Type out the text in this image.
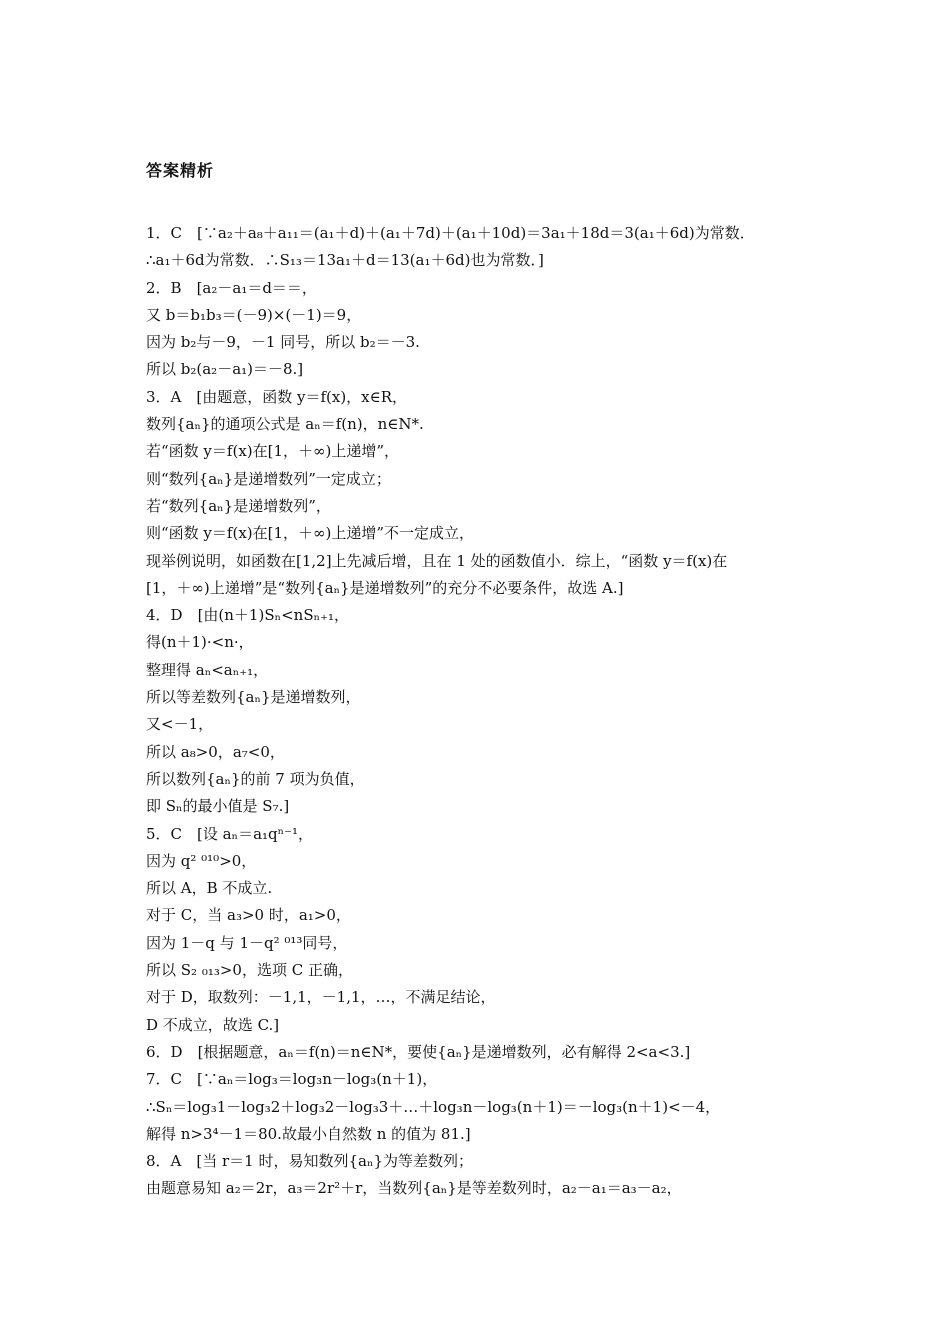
答案精析
1．C　[∵a₂＋a₈＋a₁₁＝(a₁＋d)＋(a₁＋7d)＋(a₁＋10d)＝3a₁＋18d＝3(a₁＋6d)为常数．
∴a₁＋6d为常数．∴S₁₃＝13a₁＋d＝13(a₁＋6d)也为常数．]
2．B　[a₂－a₁＝d＝＝，
又 b＝b₁b₃＝(－9)×(－1)＝9，
因为 b₂与－9，－1 同号，所以 b₂＝－3.
所以 b₂(a₂－a₁)＝－8.]
3．A　[由题意，函数 y＝f(x)，x∈R，
数列{aₙ}的通项公式是 aₙ＝f(n)，n∈N*.
若“函数 y＝f(x)在[1，＋∞)上递增”，
则“数列{aₙ}是递增数列”一定成立；
若“数列{aₙ}是递增数列”，
则“函数 y＝f(x)在[1，＋∞)上递增”不一定成立，
现举例说明，如函数在[1,2]上先减后增，且在 1 处的函数值小．综上，“函数 y＝f(x)在
[1，＋∞)上递增”是“数列{aₙ}是递增数列”的充分不必要条件，故选 A.]
4．D　[由(n＋1)Sₙ<nSₙ₊₁，
得(n＋1)·<n·，
整理得 aₙ<aₙ₊₁，
所以等差数列{aₙ}是递增数列，
又<－1，
所以 a₈>0，a₇<0，
所以数列{aₙ}的前 7 项为负值，
即 Sₙ的最小值是 S₇.]
5．C　[设 aₙ＝a₁qⁿ⁻¹，
因为 q² ⁰¹⁰>0，
所以 A，B 不成立.
对于 C，当 a₃>0 时，a₁>0，
因为 1－q 与 1－q² ⁰¹³同号，
所以 S₂ ₀₁₃>0，选项 C 正确，
对于 D，取数列：－1,1，－1,1，…，不满足结论，
D 不成立，故选 C.]
6．D　[根据题意，aₙ＝f(n)＝n∈N*，要使{aₙ}是递增数列，必有解得 2<a<3.]
7．C　[∵aₙ＝log₃＝log₃n－log₃(n＋1)，
∴Sₙ＝log₃1－log₃2＋log₃2－log₃3＋…＋log₃n－log₃(n＋1)＝－log₃(n＋1)<－4，
解得 n>3⁴－1＝80.故最小自然数 n 的值为 81.]
8．A　[当 r＝1 时，易知数列{aₙ}为等差数列；
由题意易知 a₂＝2r，a₃＝2r²＋r，当数列{aₙ}是等差数列时，a₂－a₁＝a₃－a₂，
